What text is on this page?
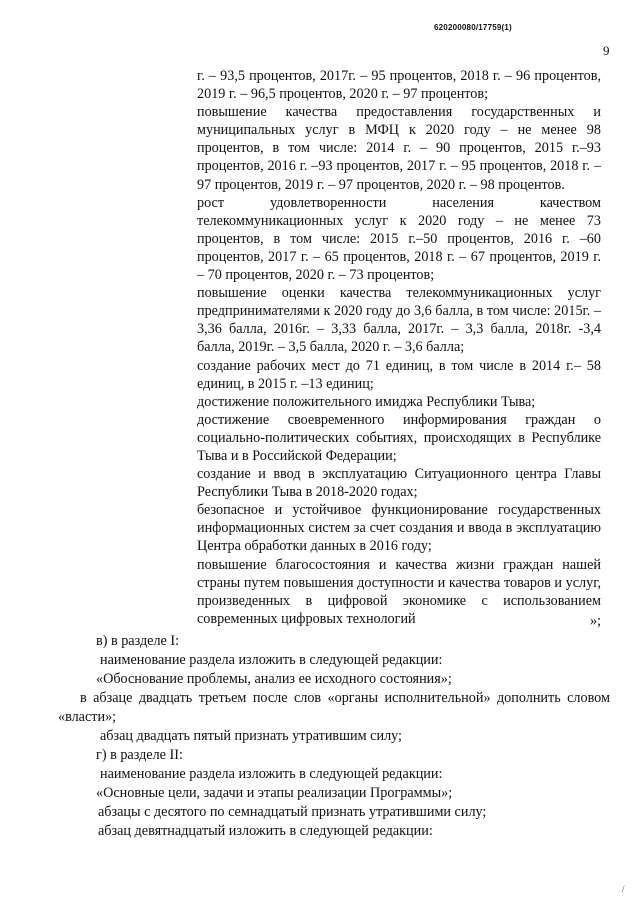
620200080/17759(1)
9

г. – 93,5 процентов, 2017г. – 95 процентов, 2018 г. – 96 процентов, 2019 г. – 96,5 процентов, 2020 г. – 97 процентов;

повышение качества предоставления государственных и муниципальных услуг в МФЦ к 2020 году – не менее 98 процентов, в том числе: 2014 г. – 90 процентов, 2015 г.–93 процентов, 2016 г. –93 процентов, 2017 г. – 95 процентов, 2018 г. – 97 процентов, 2019 г. – 97 процентов, 2020 г. – 98 процентов.

рост удовлетворенности населения качеством телекоммуникационных услуг к 2020 году – не менее 73 процентов, в том числе: 2015 г.–50 процентов, 2016 г. –60 процентов, 2017 г. – 65 процентов, 2018 г. – 67 процентов, 2019 г. – 70 процентов, 2020 г. – 73 процентов;

повышение оценки качества телекоммуникационных услуг предпринимателями к 2020 году до 3,6 балла, в том числе: 2015г. – 3,36 балла, 2016г. – 3,33 балла, 2017г. – 3,3 балла, 2018г. -3,4 балла, 2019г. – 3,5 балла, 2020 г. – 3,6 балла;

создание рабочих мест до 71 единиц, в том числе в 2014 г.– 58 единиц, в 2015 г. –13 единиц;

достижение положительного имиджа Республики Тыва;

достижение своевременного информирования граждан о социально-политических событиях, происходящих в Республике Тыва и в Российской Федерации;

создание и ввод в эксплуатацию Ситуационного центра Главы Республики Тыва в 2018-2020 годах;

безопасное и устойчивое функционирование государственных информационных систем за счет создания и ввода в эксплуатацию Центра обработки данных в 2016 году;

повышение благосостояния и качества жизни граждан нашей страны путем повышения доступности и качества товаров и услуг, произведенных в цифровой экономике с использованием современных цифровых технологий	»;

в) в разделе I:

наименование раздела изложить в следующей редакции:

«Обоснование проблемы, анализ ее исходного состояния»;

в абзаце двадцать третьем после слов «органы исполнительной» дополнить словом «власти»;

абзац двадцать пятый признать утратившим силу;

г) в разделе II:

наименование раздела изложить в следующей редакции:

«Основные цели, задачи и этапы реализации Программы»;

абзацы с десятого по семнадцатый признать утратившими силу;

абзац девятнадцатый изложить в следующей редакции:

/
